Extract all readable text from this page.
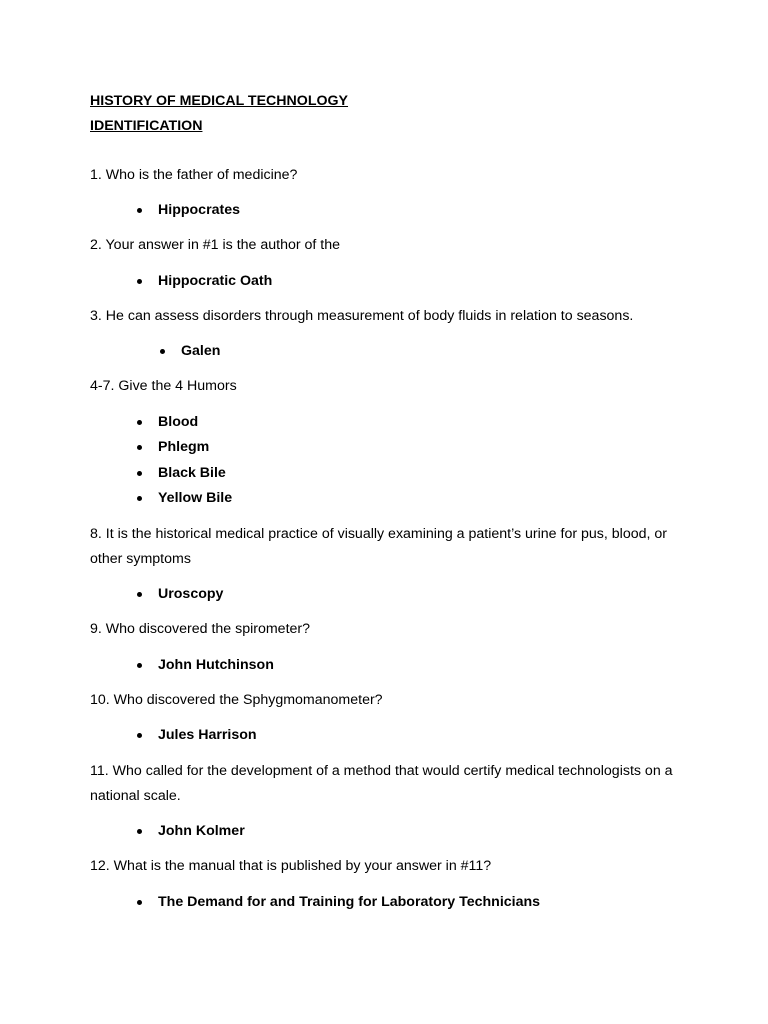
HISTORY OF MEDICAL TECHNOLOGY
IDENTIFICATION
1. Who is the father of medicine?
Hippocrates
2. Your answer in #1 is the author of the
Hippocratic Oath
3. He can assess disorders through measurement of body fluids in relation to seasons.
Galen
4-7. Give the 4 Humors
Blood
Phlegm
Black Bile
Yellow Bile
8. It is the historical medical practice of visually examining a patient’s urine for pus, blood, or
other symptoms
Uroscopy
9. Who discovered the spirometer?
John Hutchinson
10. Who discovered the Sphygmomanometer?
Jules Harrison
11. Who called for the development of a method that would certify medical technologists on a
national scale.
John Kolmer
12. What is the manual that is published by your answer in #11?
The Demand for and Training for Laboratory Technicians
